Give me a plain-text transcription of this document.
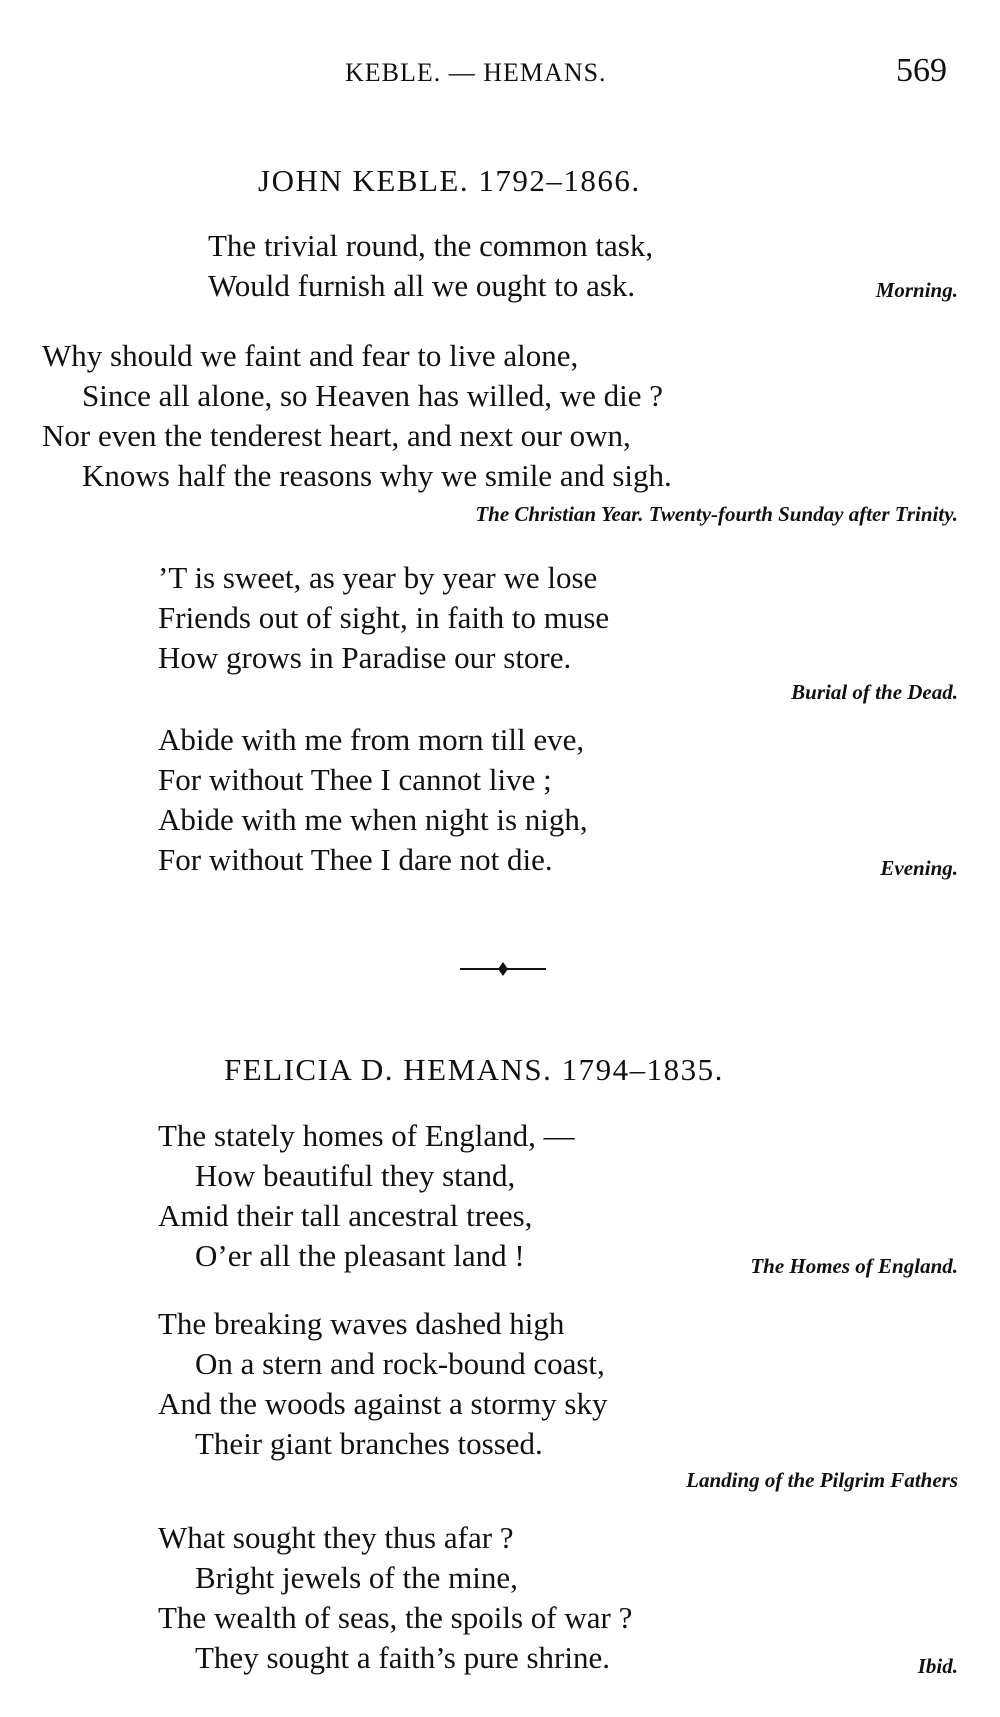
KEBLE. — HEMANS.	569
JOHN KEBLE. 1792–1866.
The trivial round, the common task,
Would furnish all we ought to ask.	Morning.
Why should we faint and fear to live alone,
Since all alone, so Heaven has willed, we die ?
Nor even the tenderest heart, and next our own,
Knows half the reasons why we smile and sigh.
The Christian Year. Twenty-fourth Sunday after Trinity.
’T is sweet, as year by year we lose
Friends out of sight, in faith to muse
How grows in Paradise our store.
Burial of the Dead.
Abide with me from morn till eve,
For without Thee I cannot live ;
Abide with me when night is nigh,
For without Thee I dare not die.	Evening.
FELICIA D. HEMANS. 1794–1835.
The stately homes of England, —
How beautiful they stand,
Amid their tall ancestral trees,
O’er all the pleasant land !	The Homes of England.
The breaking waves dashed high
On a stern and rock-bound coast,
And the woods against a stormy sky
Their giant branches tossed.
Landing of the Pilgrim Fathers
What sought they thus afar ?
Bright jewels of the mine,
The wealth of seas, the spoils of war ?
They sought a faith’s pure shrine.	Ibid.
